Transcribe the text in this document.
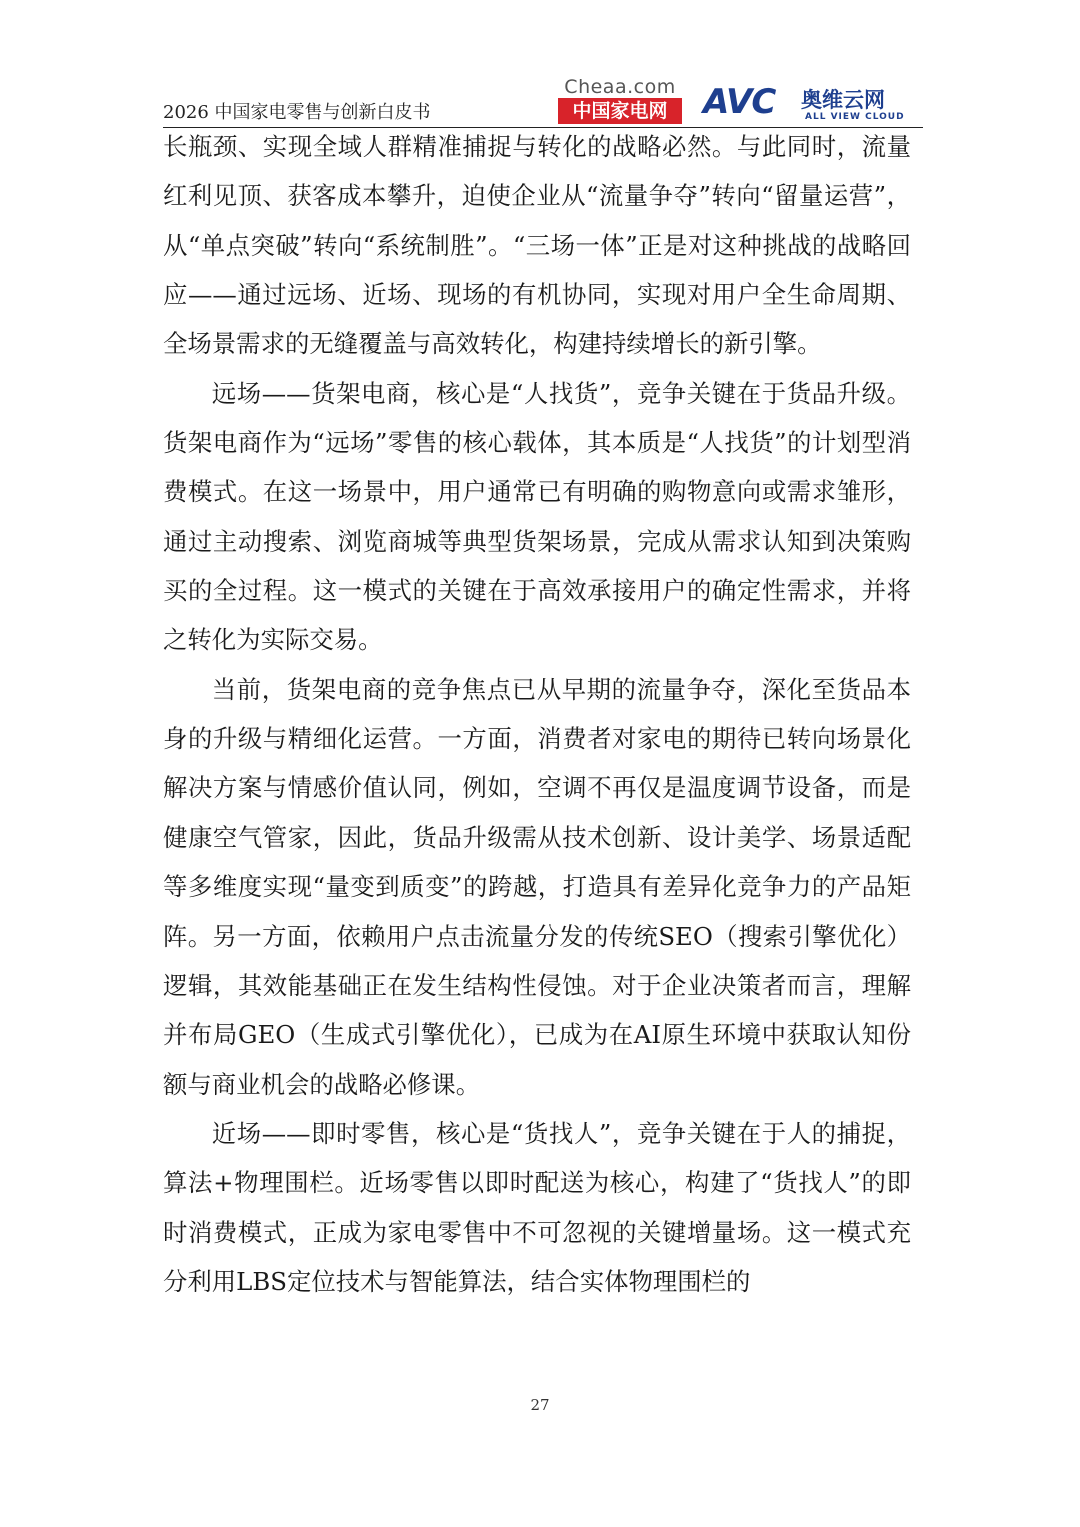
2026 中国家电零售与创新白皮书
Cheaa.com
中国家电网	AVC 奥维云网
ALL VIEW CLOUD

长瓶颈、实现全域人群精准捕捉与转化的战略必然。与此同时，流量红利见顶、获客成本攀升，迫使企业从“流量争夺”转向“留量运营”，从“单点突破”转向“系统制胜”。“三场一体”正是对这种挑战的战略回应——通过远场、近场、现场的有机协同，实现对用户全生命周期、全场景需求的无缝覆盖与高效转化，构建持续增长的新引擎。

远场——货架电商，核心是“人找货”，竞争关键在于货品升级。货架电商作为“远场”零售的核心载体，其本质是“人找货”的计划型消费模式。在这一场景中，用户通常已有明确的购物意向或需求雏形，通过主动搜索、浏览商城等典型货架场景，完成从需求认知到决策购买的全过程。这一模式的关键在于高效承接用户的确定性需求，并将之转化为实际交易。

当前，货架电商的竞争焦点已从早期的流量争夺，深化至货品本身的升级与精细化运营。一方面，消费者对家电的期待已转向场景化解决方案与情感价值认同，例如，空调不再仅是温度调节设备，而是健康空气管家，因此，货品升级需从技术创新、设计美学、场景适配等多维度实现“量变到质变”的跨越，打造具有差异化竞争力的产品矩阵。另一方面，依赖用户点击流量分发的传统SEO（搜索引擎优化）逻辑，其效能基础正在发生结构性侵蚀。对于企业决策者而言，理解并布局GEO（生成式引擎优化），已成为在AI原生环境中获取认知份额与商业机会的战略必修课。

近场——即时零售，核心是“货找人”，竞争关键在于人的捕捉，算法+物理围栏。近场零售以即时配送为核心，构建了“货找人”的即时消费模式，正成为家电零售中不可忽视的关键增量场。这一模式充分利用LBS定位技术与智能算法，结合实体物理围栏的

27
